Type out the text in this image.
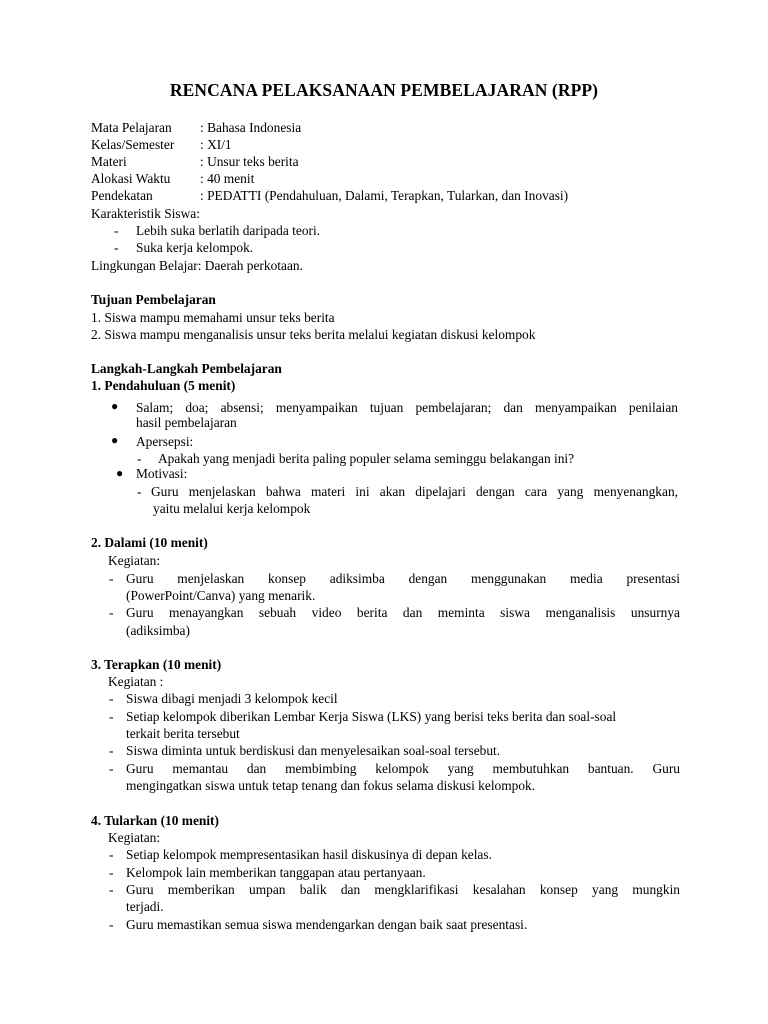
RENCANA PELAKSANAAN PEMBELAJARAN (RPP)
Mata Pelajaran : Bahasa Indonesia
Kelas/Semester : XI/1
Materi	: Unsur teks berita
Alokasi Waktu : 40 menit
Pendekatan	: PEDATTI (Pendahuluan, Dalami, Terapkan, Tularkan, dan Inovasi)
Karakteristik Siswa:
- Lebih suka berlatih daripada teori.
- Suka kerja kelompok.
Lingkungan Belajar: Daerah perkotaan.
Tujuan Pembelajaran
1. Siswa mampu memahami unsur teks berita
2. Siswa mampu menganalisis unsur teks berita melalui kegiatan diskusi kelompok
Langkah-Langkah Pembelajaran
1. Pendahuluan (5 menit)
● Salam; doa; absensi; menyampaikan tujuan pembelajaran; dan menyampaikan penilaian
hasil pembelajaran
● Apersepsi:
- Apakah yang menjadi berita paling populer selama seminggu belakangan ini?
● Motivasi:
- Guru menjelaskan bahwa materi ini akan dipelajari dengan cara yang menyenangkan,
yaitu melalui kerja kelompok
2. Dalami (10 menit)
Kegiatan:
- Guru menjelaskan konsep adiksimba dengan menggunakan media presentasi
(PowerPoint/Canva) yang menarik.
- Guru menayangkan sebuah video berita dan meminta siswa menganalisis unsurnya
(adiksimba)
3. Terapkan (10 menit)
Kegiatan :
- Siswa dibagi menjadi 3 kelompok kecil
- Setiap kelompok diberikan Lembar Kerja Siswa (LKS) yang berisi teks berita dan soal-soal
terkait berita tersebut
- Siswa diminta untuk berdiskusi dan menyelesaikan soal-soal tersebut.
- Guru memantau dan membimbing kelompok yang membutuhkan bantuan. Guru
mengingatkan siswa untuk tetap tenang dan fokus selama diskusi kelompok.
4. Tularkan (10 menit)
Kegiatan:
- Setiap kelompok mempresentasikan hasil diskusinya di depan kelas.
- Kelompok lain memberikan tanggapan atau pertanyaan.
- Guru memberikan umpan balik dan mengklarifikasi kesalahan konsep yang mungkin
terjadi.
- Guru memastikan semua siswa mendengarkan dengan baik saat presentasi.
